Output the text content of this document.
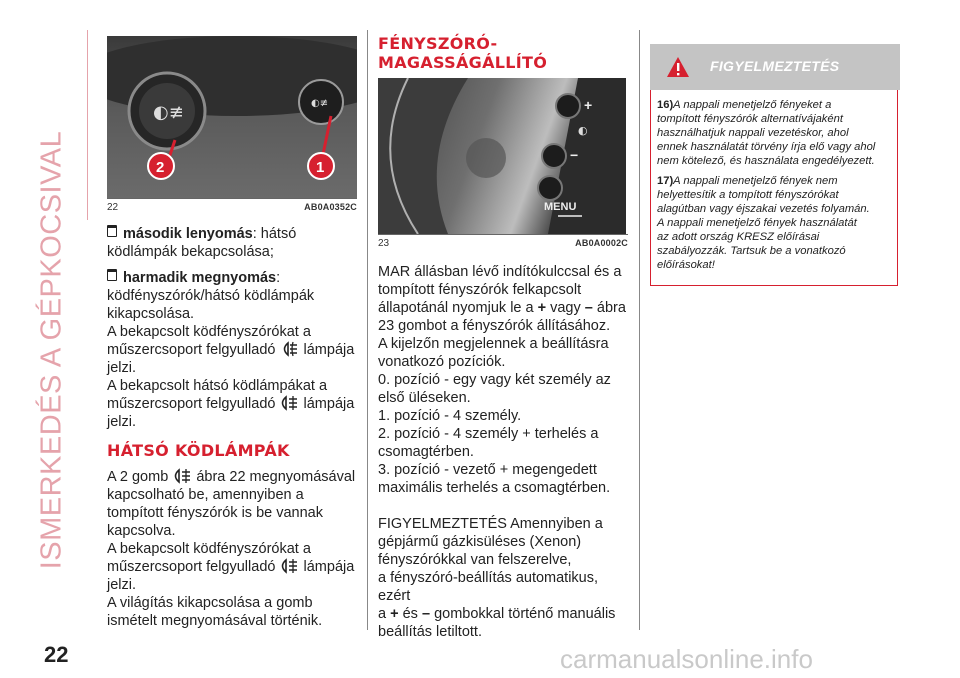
ISMERKEDÉS A GÉPKOCSIVAL
◐≢	◐≢
1
2
22	AB0A0352C

második lenyomás: hátsó

ködlámpák bekapcsolása;

harmadik megnyomás:

ködfényszórók/hátsó ködlámpák

kikapcsolása.

A bekapcsolt ködfényszórókat a

műszercsoport felgyulladó lámpája

jelzi.

A bekapcsolt hátsó ködlámpákat a

műszercsoport felgyulladó lámpája

jelzi.

HÁTSÓ KÖDLÁMPÁK

A 2 gomb ábra 22 megnyomásával

kapcsolható be, amennyiben a

tompított fényszórók is be vannak

kapcsolva.

A bekapcsolt ködfényszórókat a

műszercsoport felgyulladó lámpája

jelzi.

A világítás kikapcsolása a gomb

ismételt megnyomásával történik.

FÉNYSZÓRÓ-

MAGASSÁGÁLLÍTÓ

+
◐
−
MENU
23	AB0A0002C

MAR állásban lévő indítókulccsal és a

tompított fényszórók felkapcsolt

állapotánál nyomjuk le a + vagy – ábra

23 gombot a fényszórók állításához.

A kijelzőn megjelennek a beállításra

vonatkozó pozíciók.

0. pozíció - egy vagy két személy az

első üléseken.

1. pozíció - 4 személy.

2. pozíció - 4 személy + terhelés a

csomagtérben.

3. pozíció - vezető + megengedett

maximális terhelés a csomagtérben.

FIGYELMEZTETÉS Amennyiben a

gépjármű gázkisüléses (Xenon)

fényszórókkal van felszerelve,

a fényszóró-beállítás automatikus, ezért

a + és – gombokkal történő manuális

beállítás letiltott.

FIGYELMEZTETÉS

16)A nappali menetjelző fényeket a
tompított fényszórók alternatívájaként
használhatjuk nappali vezetéskor, ahol
ennek használatát törvény írja elő vagy ahol
nem kötelező, és használata engedélyezett.

17)A nappali menetjelző fények nem
helyettesítik a tompított fényszórókat
alagútban vagy éjszakai vezetés folyamán.
A nappali menetjelző fények használatát
az adott ország KRESZ előírásai
szabályozzák. Tartsuk be a vonatkozó
előírásokat!

22	carmanualsonline.info
